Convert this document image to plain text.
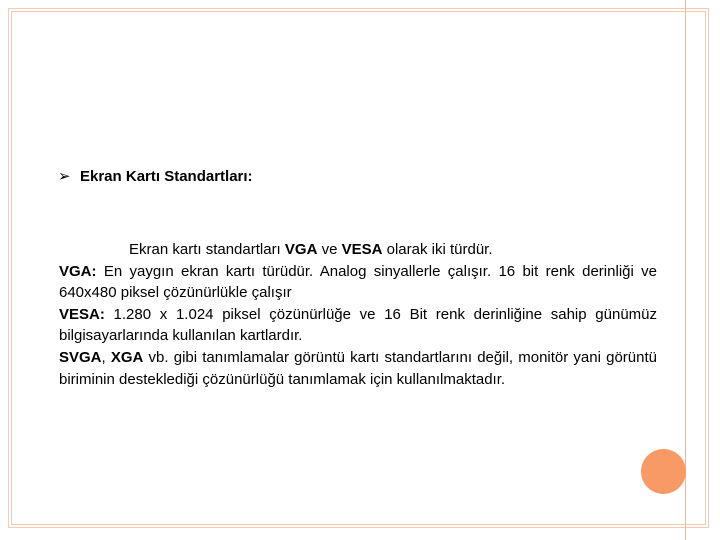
➢ Ekran Kartı Standartları:

Ekran kartı standartları VGA ve VESA olarak iki türdür.

VGA: En yaygın ekran kartı türüdür. Analog sinyallerle çalışır. 16 bit renk derinliği ve 640x480 piksel çözünürlükle çalışır

VESA: 1.280 x 1.024 piksel çözünürlüğe ve 16 Bit renk derinliğine sahip günümüz bilgisayarlarında kullanılan kartlardır.

SVGA, XGA vb. gibi tanımlamalar görüntü kartı standartlarını değil, monitör yani görüntü biriminin desteklediği çözünürlüğü tanımlamak için kullanılmaktadır.
